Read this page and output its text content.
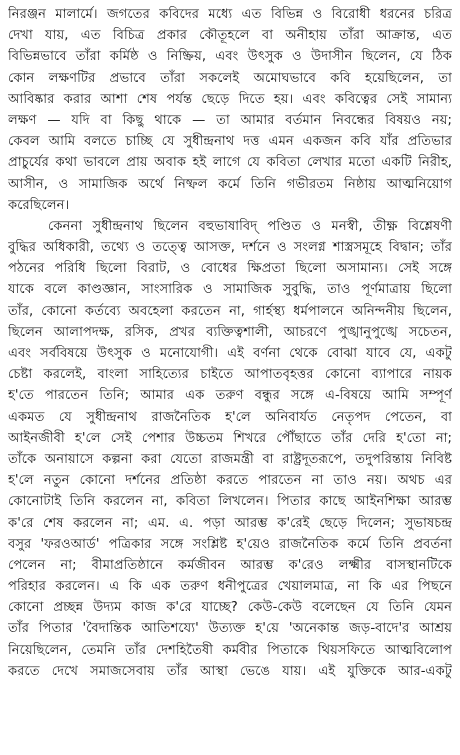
নিরঞ্জন মালার্মে। জগতের কবিদের মধ্যে এত বিভিন্ন ও বিরোধী ধরনের চরিত্র
দেখা যায়, এত বিচিত্র প্রকার কৌতূহলে বা অনীহায় তাঁরা আক্রান্ত, এত
বিভিন্নভাবে তাঁরা কর্মিষ্ঠ ও নিষ্ক্রিয়, এবং উৎসুক ও উদাসীন ছিলেন, যে ঠিক
কোন লক্ষণটির প্রভাবে তাঁরা সকলেই অমোঘভাবে কবি হয়েছিলেন, তা
আবিষ্কার করার আশা শেষ পর্যন্ত ছেড়ে দিতে হয়। এবং কবিত্বের সেই সামান্য
লক্ষণ — যদি বা কিছু থাকে — তা আমার বর্তমান নিবন্ধের বিষয়ও নয়;
কেবল আমি বলতে চাচ্ছি যে সুধীন্দ্রনাথ দত্ত এমন একজন কবি যাঁর প্রতিভার
প্রাচুর্যের কথা ভাবলে প্রায় অবাক হই লাগে যে কবিতা লেখার মতো একটি নিরীহ,
আসীন, ও সামাজিক অর্থে নিষ্ফল কর্মে তিনি গভীরতম নিষ্ঠায় আত্মনিয়োগ
করেছিলেন।
কেননা সুধীন্দ্রনাথ ছিলেন বহুভাষাবিদ্ পণ্ডিত ও মনস্বী, তীক্ষ্ণ বিশ্লেষণী
বুদ্ধির অধিকারী, তথ্যে ও তত্ত্বে আসক্ত, দর্শনে ও সংলগ্ন শাস্ত্রসমূহে বিদ্বান; তাঁর
পঠনের পরিধি ছিলো বিরাট, ও বোধের ক্ষিপ্রতা ছিলো অসামান্য। সেই সঙ্গে
যাকে বলে কাণ্ডজ্ঞান, সাংসারিক ও সামাজিক সুবুদ্ধি, তাও পূর্ণমাত্রায় ছিলো
তাঁর, কোনো কর্তব্যে অবহেলা করতেন না, গার্হস্থ্য ধর্মপালনে অনিন্দনীয় ছিলেন,
ছিলেন আলাপদক্ষ, রসিক, প্রখর ব্যক্তিত্বশালী, আচরণে পুঙ্খানুপুঙ্খে সচেতন,
এবং সর্ববিষয়ে উৎসুক ও মনোযোগী। এই বর্ণনা থেকে বোঝা যাবে যে, একটু
চেষ্টা করলেই, বাংলা সাহিত্যের চাইতে আপাতবৃহত্তর কোনো ব্যাপারে নায়ক
হ'তে পারতেন তিনি; আমার এক তরুণ বন্ধুর সঙ্গে এ-বিষয়ে আমি সম্পূর্ণ
একমত যে সুধীন্দ্রনাথ রাজনৈতিক হ'লে অনিবার্যত নেতৃপদ পেতেন, বা
আইনজীবী হ'লে সেই পেশার উচ্চতম শিখরে পৌঁছাতে তাঁর দেরি হ'তো না;
তাঁকে অনায়াসে কল্পনা করা যেতো রাজমন্ত্রী বা রাষ্ট্রদূতরূপে, তদুপরিন্তায় নিবিষ্ট
হ'লে নতুন কোনো দর্শনের প্রতিষ্ঠা করতে পারতেন না তাও নয়। অথচ এর
কোনোটাই তিনি করলেন না, কবিতা লিখলেন। পিতার কাছে আইনশিক্ষা আরম্ভ
ক'রে শেষ করলেন না; এম. এ. পড়া আরম্ভ ক'রেই ছেড়ে দিলেন; সুভাষচন্দ্র
বসুর 'ফরওআর্ড' পত্রিকার সঙ্গে সংশ্লিষ্ট হ'য়েও রাজনৈতিক কর্মে তিনি প্রবর্তনা
পেলেন না; বীমাপ্রতিষ্ঠানে কর্মজীবন আরম্ভ ক'রেও লক্ষ্মীর বাসস্থানটিকে
পরিহার করলেন। এ কি এক তরুণ ধনীপুত্রের খেয়ালমাত্র, না কি এর পিছনে
কোনো প্রচ্ছন্ন উদ্যম কাজ ক'রে যাচ্ছে? কেউ-কেউ বলেছেন যে তিনি যেমন
তাঁর পিতার 'বৈদান্তিক আতিশয্যে' উত্যক্ত হ'য়ে 'অনেকান্ত জড়-বাদে'র আশ্রয়
নিয়েছিলেন, তেমনি তাঁর দেশহিতৈষী কর্মবীর পিতাকে থিয়সফিতে আত্মবিলোপ
করতে দেখে সমাজসেবায় তাঁর আস্থা ভেঙে যায়। এই যুক্তিকে আর-একটু
